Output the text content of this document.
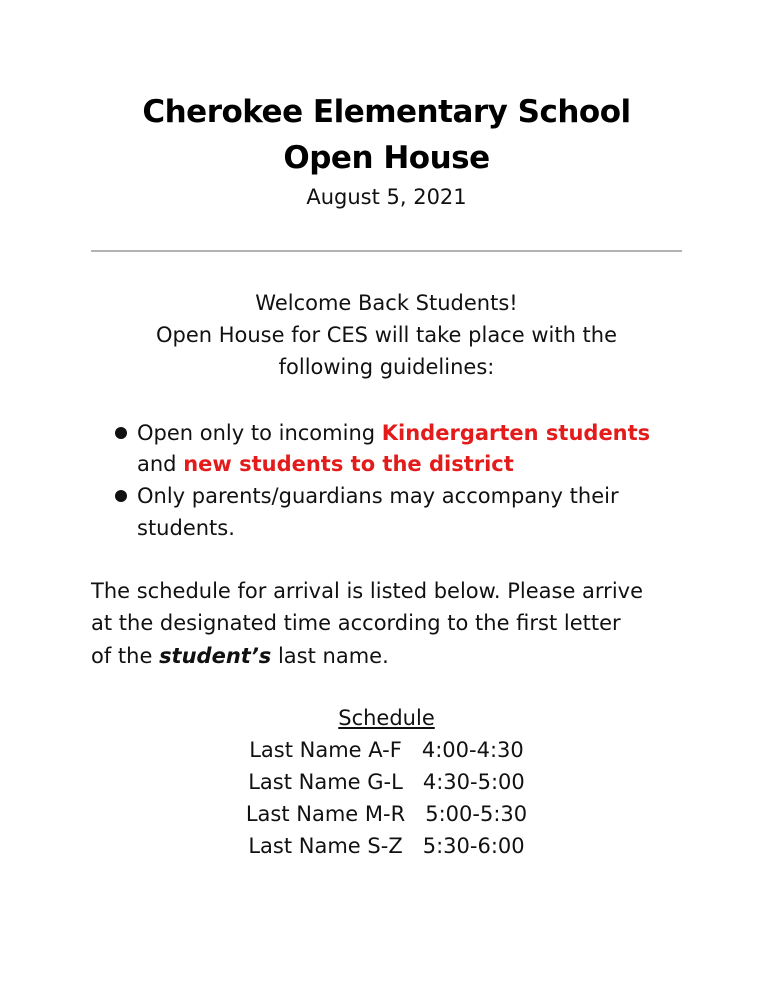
Cherokee Elementary School
Open House
August 5, 2021
Welcome Back Students!
Open House for CES will take place with the
following guidelines:
Open only to incoming Kindergarten students
and new students to the district
Only parents/guardians may accompany their
students.
The schedule for arrival is listed below. Please arrive
at the designated time according to the first letter
of the student’s last name.
Schedule
Last Name A-F 4:00-4:30
Last Name G-L 4:30-5:00
Last Name M-R 5:00-5:30
Last Name S-Z 5:30-6:00
